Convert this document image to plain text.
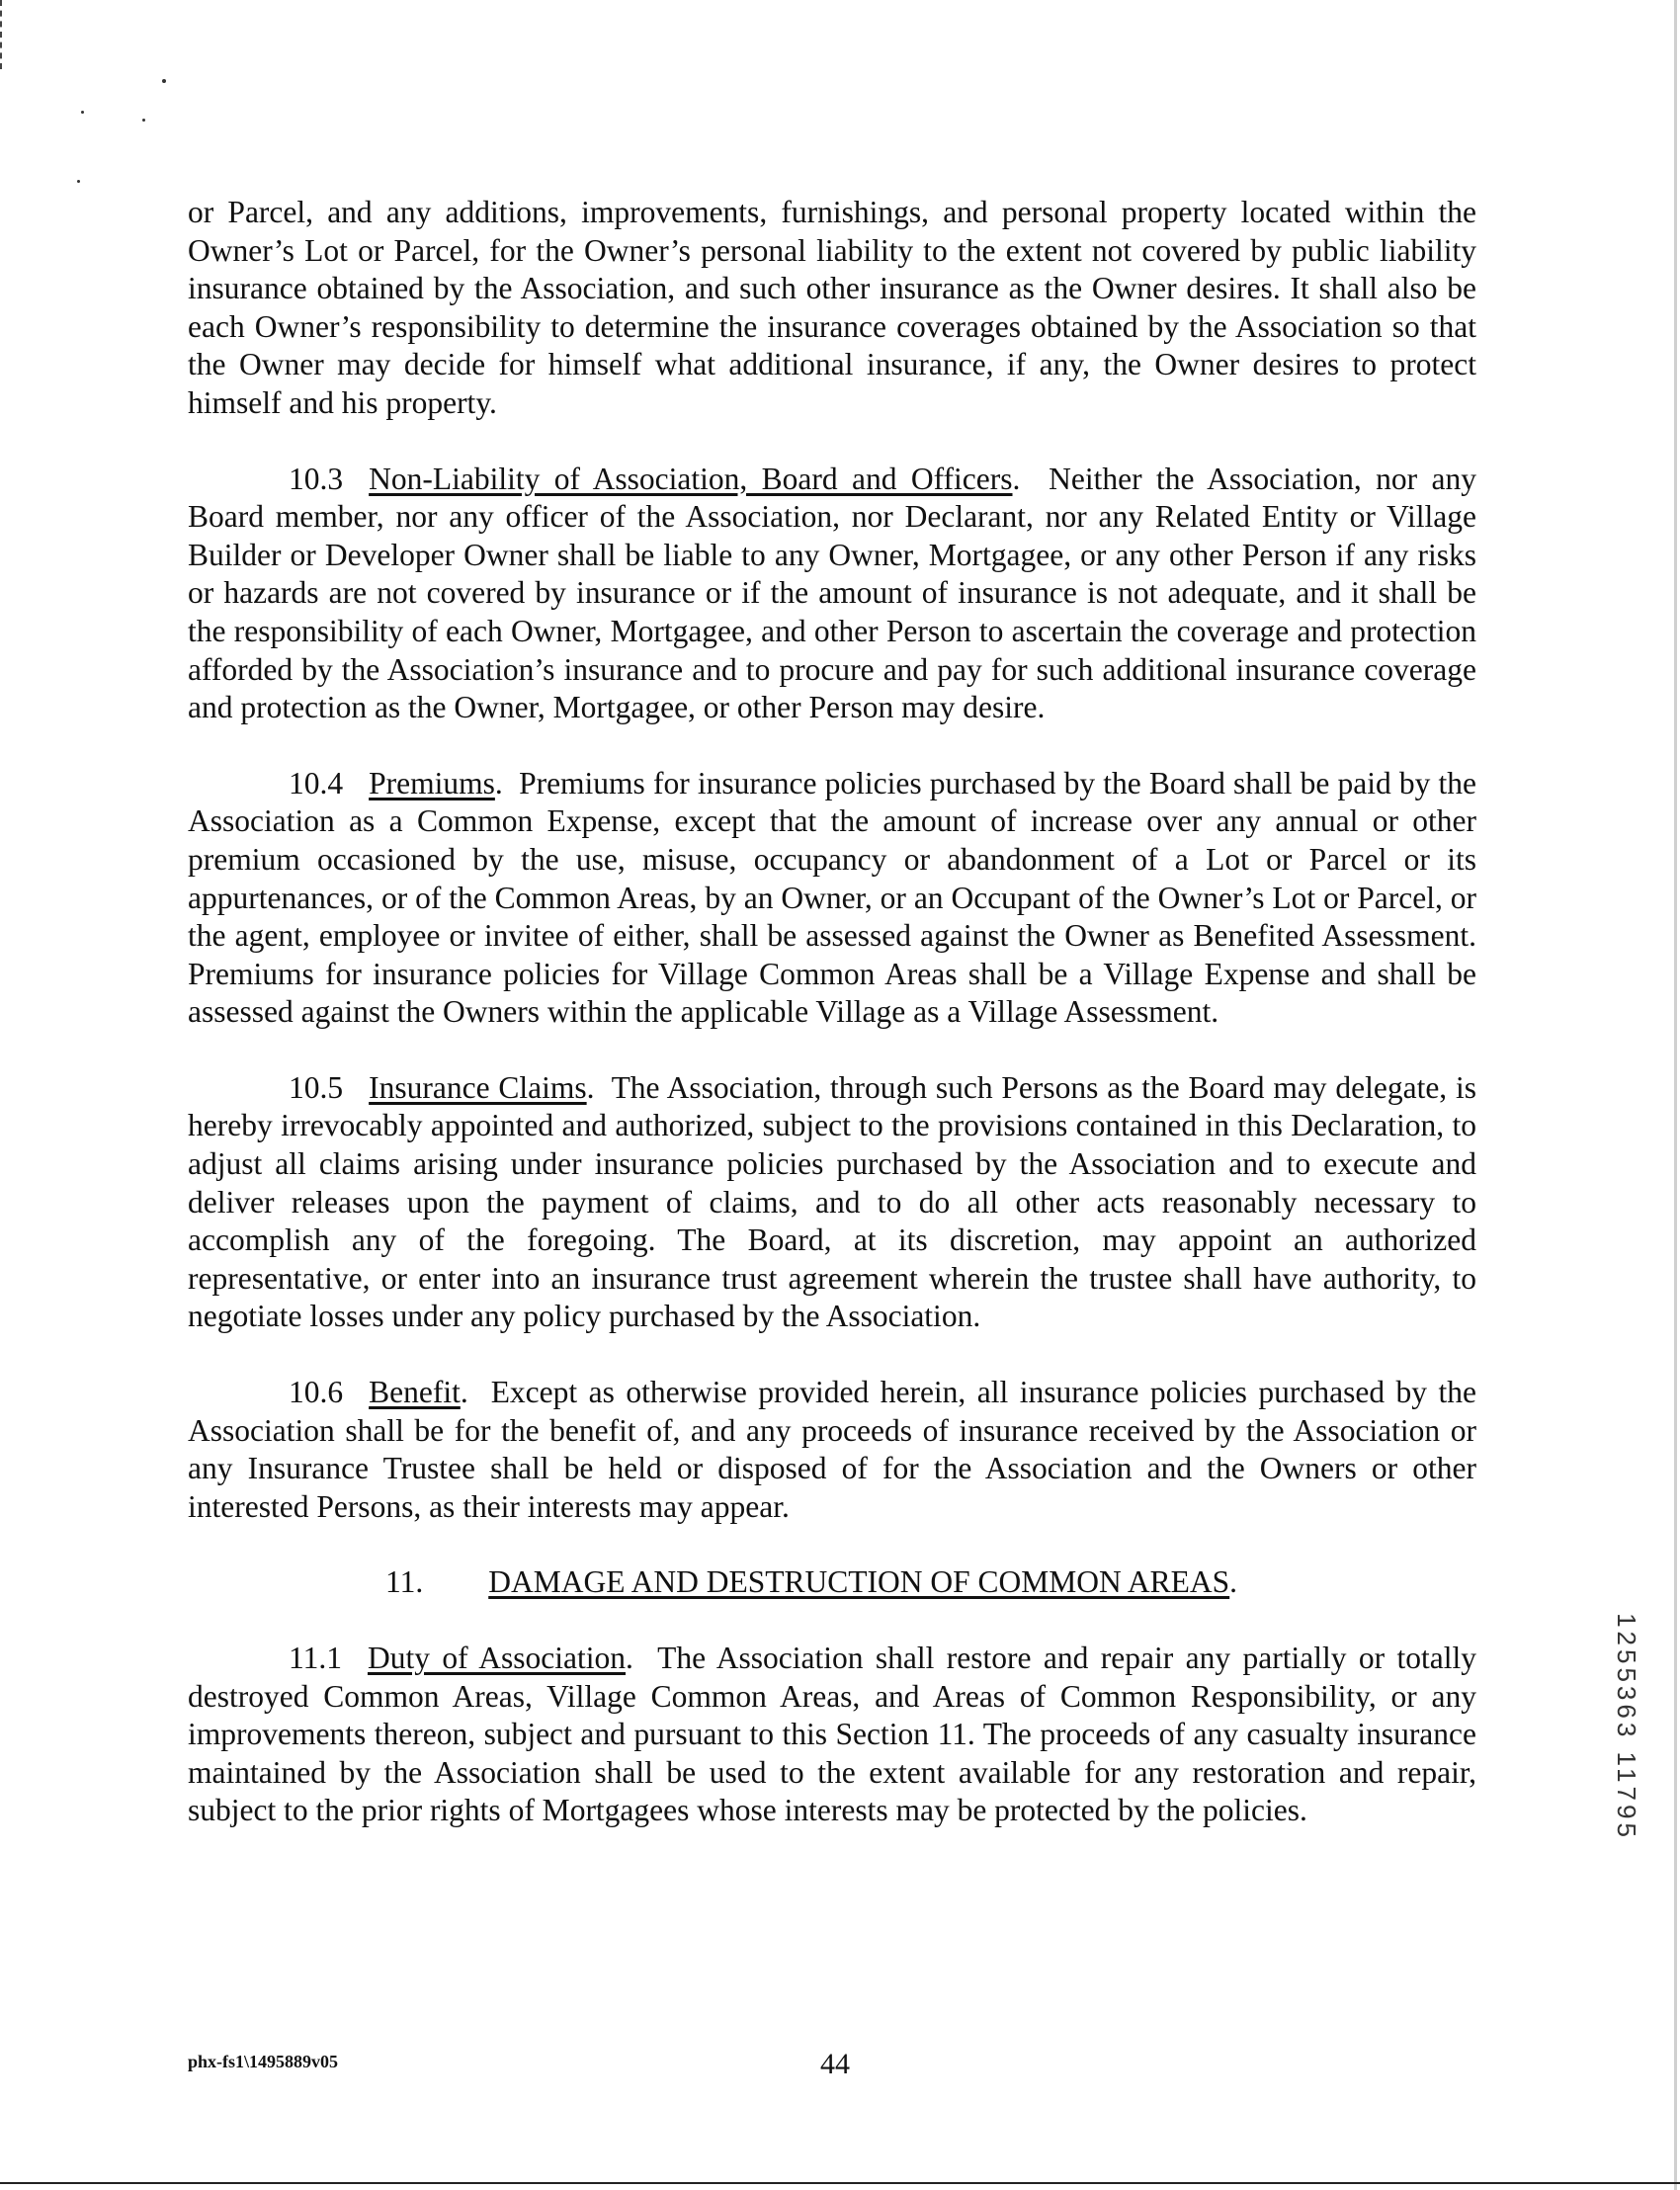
or Parcel, and any additions, improvements, furnishings, and personal property located within the Owner’s Lot or Parcel, for the Owner’s personal liability to the extent not covered by public liability insurance obtained by the Association, and such other insurance as the Owner desires. It shall also be each Owner’s responsibility to determine the insurance coverages obtained by the Association so that the Owner may decide for himself what additional insurance, if any, the Owner desires to protect himself and his property.

10.3 Non-Liability of Association, Board and Officers.  Neither the Association, nor any Board member, nor any officer of the Association, nor Declarant, nor any Related Entity or Village Builder or Developer Owner shall be liable to any Owner, Mortgagee, or any other Person if any risks or hazards are not covered by insurance or if the amount of insurance is not adequate, and it shall be the responsibility of each Owner, Mortgagee, and other Person to ascertain the coverage and protection afforded by the Association’s insurance and to procure and pay for such additional insurance coverage and protection as the Owner, Mortgagee, or other Person may desire.

10.4 Premiums.  Premiums for insurance policies purchased by the Board shall be paid by the Association as a Common Expense, except that the amount of increase over any annual or other premium occasioned by the use, misuse, occupancy or abandonment of a Lot or Parcel or its appurtenances, or of the Common Areas, by an Owner, or an Occupant of the Owner’s Lot or Parcel, or the agent, employee or invitee of either, shall be assessed against the Owner as Benefited Assessment. Premiums for insurance policies for Village Common Areas shall be a Village Expense and shall be assessed against the Owners within the applicable Village as a Village Assessment.

10.5 Insurance Claims.  The Association, through such Persons as the Board may delegate, is hereby irrevocably appointed and authorized, subject to the provisions contained in this Declaration, to adjust all claims arising under insurance policies purchased by the Association and to execute and deliver releases upon the payment of claims, and to do all other acts reasonably necessary to accomplish any of the foregoing. The Board, at its discretion, may appoint an authorized representative, or enter into an insurance trust agreement wherein the trustee shall have authority, to negotiate losses under any policy purchased by the Association.

10.6 Benefit.  Except as otherwise provided herein, all insurance policies purchased by the Association shall be for the benefit of, and any proceeds of insurance received by the Association or any Insurance Trustee shall be held or disposed of for the Association and the Owners or other interested Persons, as their interests may appear.

11. DAMAGE AND DESTRUCTION OF COMMON AREAS.

11.1 Duty of Association.  The Association shall restore and repair any partially or totally destroyed Common Areas, Village Common Areas, and Areas of Common Responsibility, or any improvements thereon, subject and pursuant to this Section 11. The proceeds of any casualty insurance maintained by the Association shall be used to the extent available for any restoration and repair, subject to the prior rights of Mortgagees whose interests may be protected by the policies.	1255363 11795
phx-fs1\1495889v05	44
